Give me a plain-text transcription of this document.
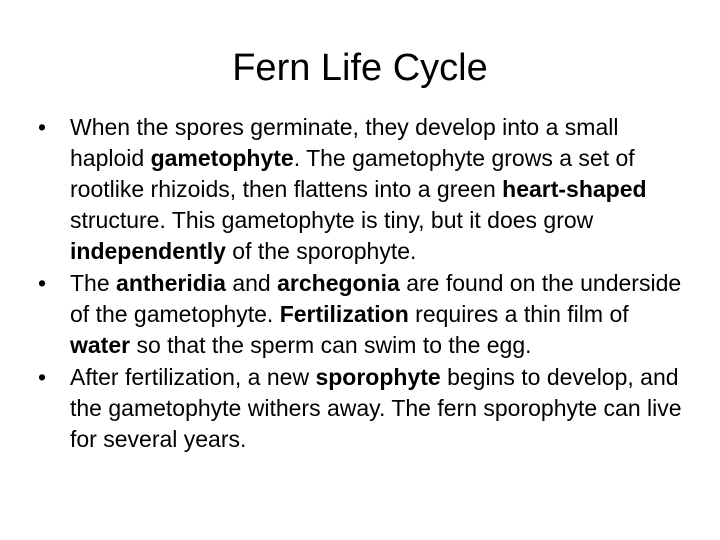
Fern Life Cycle
• When the spores germinate, they develop into a small haploid gametophyte. The gametophyte grows a set of rootlike rhizoids, then flattens into a green heart-shaped structure. This gametophyte is tiny, but it does grow independently of the sporophyte.
• The antheridia and archegonia are found on the underside of the gametophyte. Fertilization requires a thin film of water so that the sperm can swim to the egg.
• After fertilization, a new sporophyte begins to develop, and the gametophyte withers away. The fern sporophyte can live for several years.
